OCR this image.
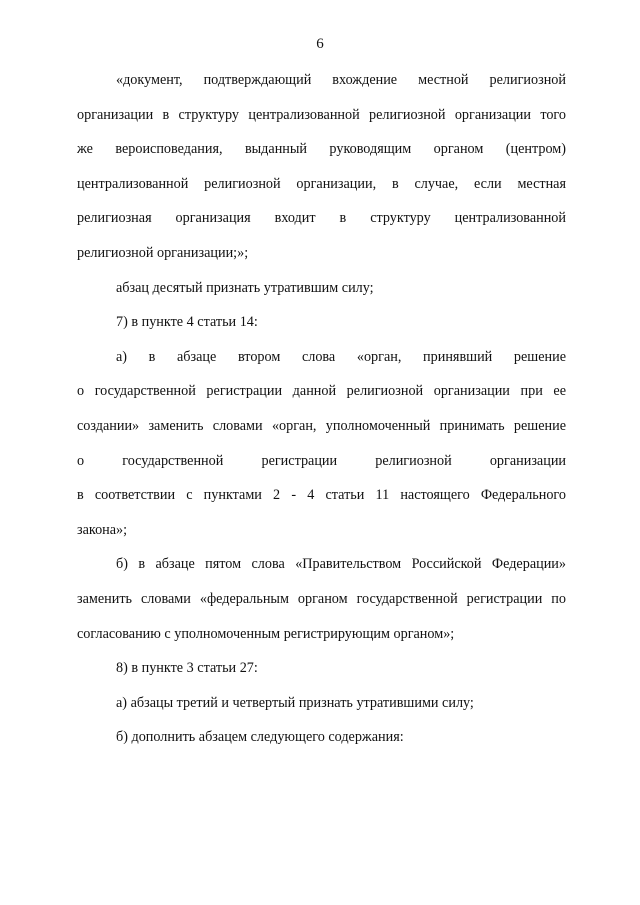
6
«документ, подтверждающий вхождение местной религиозной
организации в структуру централизованной религиозной организации того
же вероисповедания, выданный руководящим органом (центром)
централизованной религиозной организации, в случае, если местная
религиозная организация входит в структуру централизованной
религиозной организации;»;
абзац десятый признать утратившим силу;
7) в пункте 4 статьи 14:
а) в абзаце втором слова «орган, принявший решение
о государственной регистрации данной религиозной организации при ее
создании» заменить словами «орган, уполномоченный принимать решение
о государственной регистрации религиозной организации
в соответствии с пунктами 2 - 4 статьи 11 настоящего Федерального
закона»;
б) в абзаце пятом слова «Правительством Российской Федерации»
заменить словами «федеральным органом государственной регистрации по
согласованию с уполномоченным регистрирующим органом»;
8) в пункте 3 статьи 27:
а) абзацы третий и четвертый признать утратившими силу;
б) дополнить абзацем следующего содержания:
